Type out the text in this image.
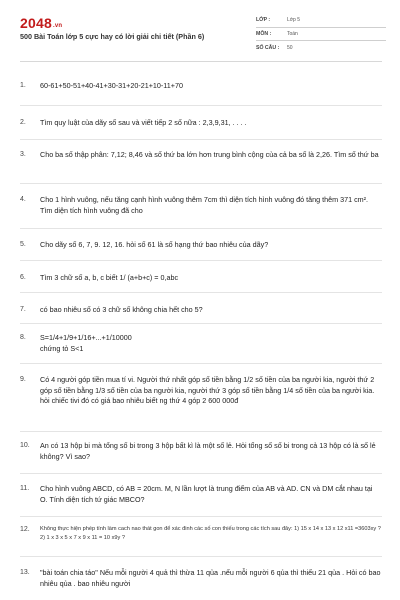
2048.vn
500 Bài Toán lớp 5 cực hay có lời giải chi tiết (Phần 6)
LỚP :	Lớp 5
MÔN :	Toán
SỐ CÂU :	50
1. 60-61+50-51+40-41+30-31+20-21+10-11+70
2. Tìm quy luật của dãy số sau và viết tiếp 2 số nữa : 2,3,9,31, . . . .
3. Cho ba số thập phân: 7,12; 8,46 và số thứ ba lớn hơn trung bình cộng của cả ba số là 2,26. Tìm số thứ ba
4. Cho 1 hình vuông, nếu tăng cạnh hình vuông thêm 7cm thì diện tích hình vuông đó tăng thêm 371 cm². Tìm diện tích hình vuông đã cho
5. Cho dãy số 6, 7, 9. 12, 16. hỏi số 61 là số hạng thứ bao nhiêu của dãy?
6. Tìm 3 chữ số a, b, c biết 1/ (a+b+c) = 0,abc
7. có bao nhiêu số có 3 chữ số không chia hết cho 5?
8. S=1/4+1/9+1/16+...+1/10000 chứng tỏ S<1
9. Có 4 người góp tiền mua tí vi. Người thứ nhất góp số tiền bằng 1/2 số tiền của ba người kia, người thứ 2 góp số tiền bằng 1/3 số tiền của ba người kia, người thứ 3 góp số tiền bằng 1/4 số tiền của ba người kia. hỏi chiếc tivi đó có giá bao nhiêu biết ng thứ 4 góp 2 600 000đ
10. An có 13 hộp bi mà tổng số bi trong 3 hộp bất kì là một số lẻ. Hỏi tổng số số bi trong cả 13 hộp có là số lẻ không? Vì sao?
11. Cho hình vuông ABCD, có AB = 20cm. M, N lần lượt là trung điểm của AB và AD. CN và DM cắt nhau tại O. Tính diện tích tứ giác MBCO?
12. Không thực hiện phép tính làm cach nao thát gon để xác đinh các số con thiếu trong các tích sau đây: 1) 15 x 14 x 13 x 12 x11 =3603xy ? 2) 1 x 3 x 5 x 7 x 9 x 11 = 10 x9y ?
13. "bài toán chia táo" Nếu mỗi người 4 quả thì thừa 11 qủa .nếu mỗi người 6 qủa thì thiếu 21 qủa . Hỏi có bao nhiêu qủa . bao nhiêu người
